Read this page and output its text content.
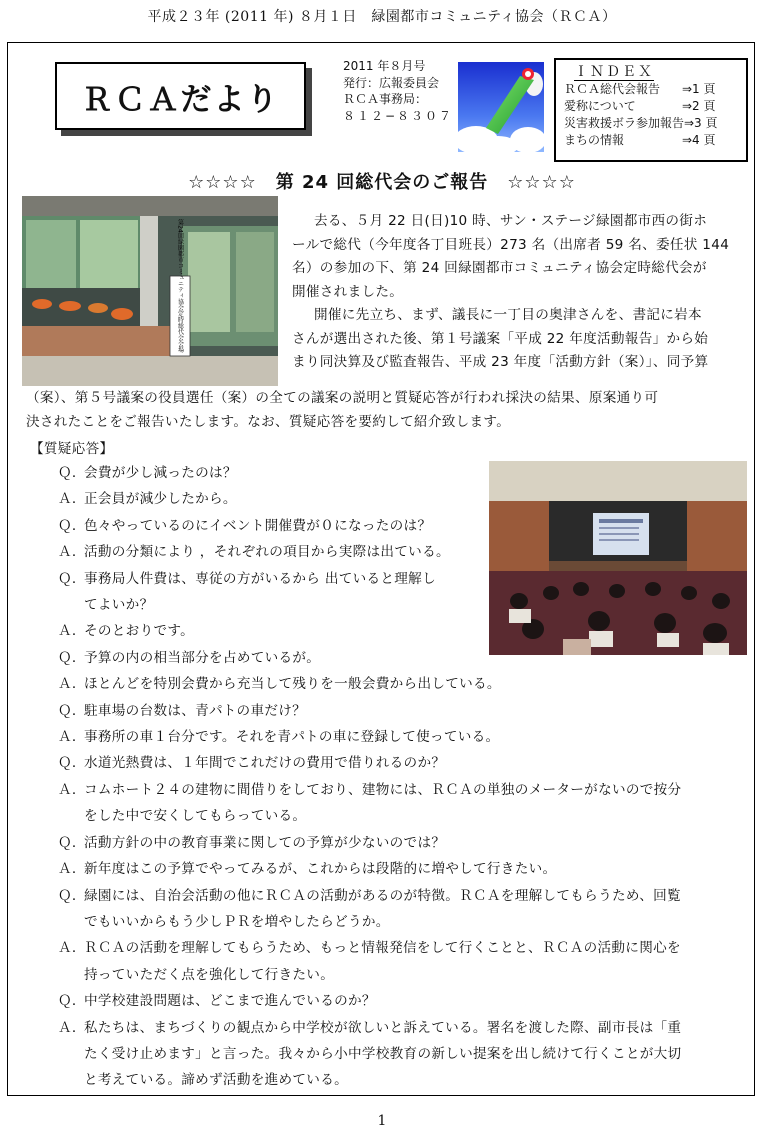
平成２３年 (2011 年) ８月１日　緑園都市コミュニティ協会（ＲＣＡ）
ＲＣＡだより
2011 年８月号
発行：広報委員会
ＲＣＡ事務局：
８１２−８３０７
ＩＮＤＥＸ
ＲＣＡ総代会報告	⇒1 頁
愛称について	⇒2 頁
災害救援ボラ参加報告⇒3 頁
まちの情報	⇒4 頁
☆☆☆☆　第 24 回総代会のご報告　☆☆☆☆
第24回緑園都市コミュニティ協会定時総代会会場	去る、５月 22 日(日)10 時、サン・ステージ緑園都市西の街ホ
ールで総代（今年度各丁目班長）273 名（出席者 59 名、委任状 144
名）の参加の下、第 24 回緑園都市コミュニティ協会定時総代会が
開催されました。
開催に先立ち、まず、議長に一丁目の奥津さんを、書記に岩本
さんが選出された後、第１号議案「平成 22 年度活動報告」から始
まり同決算及び監査報告、平成 23 年度「活動方針（案）」、同予算
（案）、第５号議案の役員選任（案）の全ての議案の説明と質疑応答が行われ採決の結果、原案通り可
決されたことをご報告いたします。なお、質疑応答を要約して紹介致します。
【質疑応答】
Ｑ．
会費が少し減ったのは？
Ａ．
正会員が減少したから。
Ｑ．
色々やっているのにイベント開催費が０になったのは？
Ａ．
活動の分類により ，それぞれの項目から実際は出ている。
Ｑ．
事務局人件費は、専従の方がいるから 出ていると理解し
てよいか？
Ａ．
そのとおりです。
Ｑ．
予算の内の相当部分を占めているが。
Ａ．
ほとんどを特別会費から充当して残りを一般会費から出している。
Ｑ．
駐車場の台数は、青パトの車だけ？
Ａ．
事務所の車１台分です。それを青パトの車に登録して使っている。
Ｑ．
水道光熱費は、１年間でこれだけの費用で借りれるのか？
Ａ．
コムホート２４の建物に間借りをしており、建物には、ＲＣＡの単独のメーターがないので按分
をした中で安くしてもらっている。
Ｑ．
活動方針の中の教育事業に関しての予算が少ないのでは？
Ａ．
新年度はこの予算でやってみるが、これからは段階的に増やして行きたい。
Ｑ．
緑園には、自治会活動の他にＲＣＡの活動があるのが特徴。ＲＣＡを理解してもらうため、回覧
でもいいからもう少しＰＲを増やしたらどうか。
Ａ．
ＲＣＡの活動を理解してもらうため、もっと情報発信をして行くことと、ＲＣＡの活動に関心を
持っていただく点を強化して行きたい。
Ｑ．
中学校建設問題は、どこまで進んでいるのか？
Ａ．
私たちは、まちづくりの観点から中学校が欲しいと訴えている。署名を渡した際、副市長は「重
たく受け止めます」と言った。我々から小中学校教育の新しい提案を出し続けて行くことが大切
と考えている。諦めず活動を進めている。
1
